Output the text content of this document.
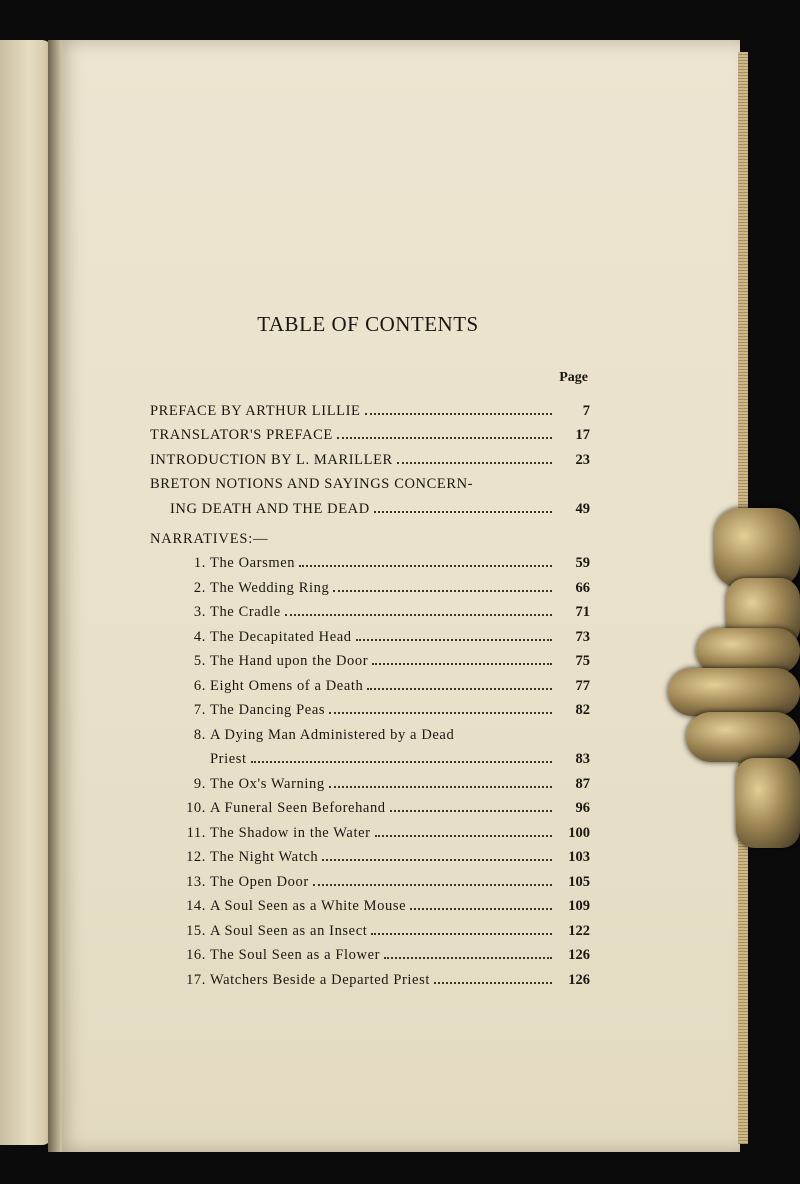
TABLE OF CONTENTS
Page
PREFACE BY ARTHUR LILLIE	7
TRANSLATOR'S PREFACE	17
INTRODUCTION BY L. MARILLER	23
BRETON NOTIONS AND SAYINGS CONCERN-
ING DEATH AND THE DEAD	49
NARRATIVES:—
1. The Oarsmen	59
2. The Wedding Ring	66
3. The Cradle	71
4. The Decapitated Head	73
5. The Hand upon the Door	75
6. Eight Omens of a Death	77
7. The Dancing Peas	82
8. A Dying Man Administered by a Dead
Priest	83
9. The Ox's Warning	87
10. A Funeral Seen Beforehand	96
11. The Shadow in the Water	100
12. The Night Watch	103
13. The Open Door	105
14. A Soul Seen as a White Mouse	109
15. A Soul Seen as an Insect	122
16. The Soul Seen as a Flower	126
17. Watchers Beside a Departed Priest	126
